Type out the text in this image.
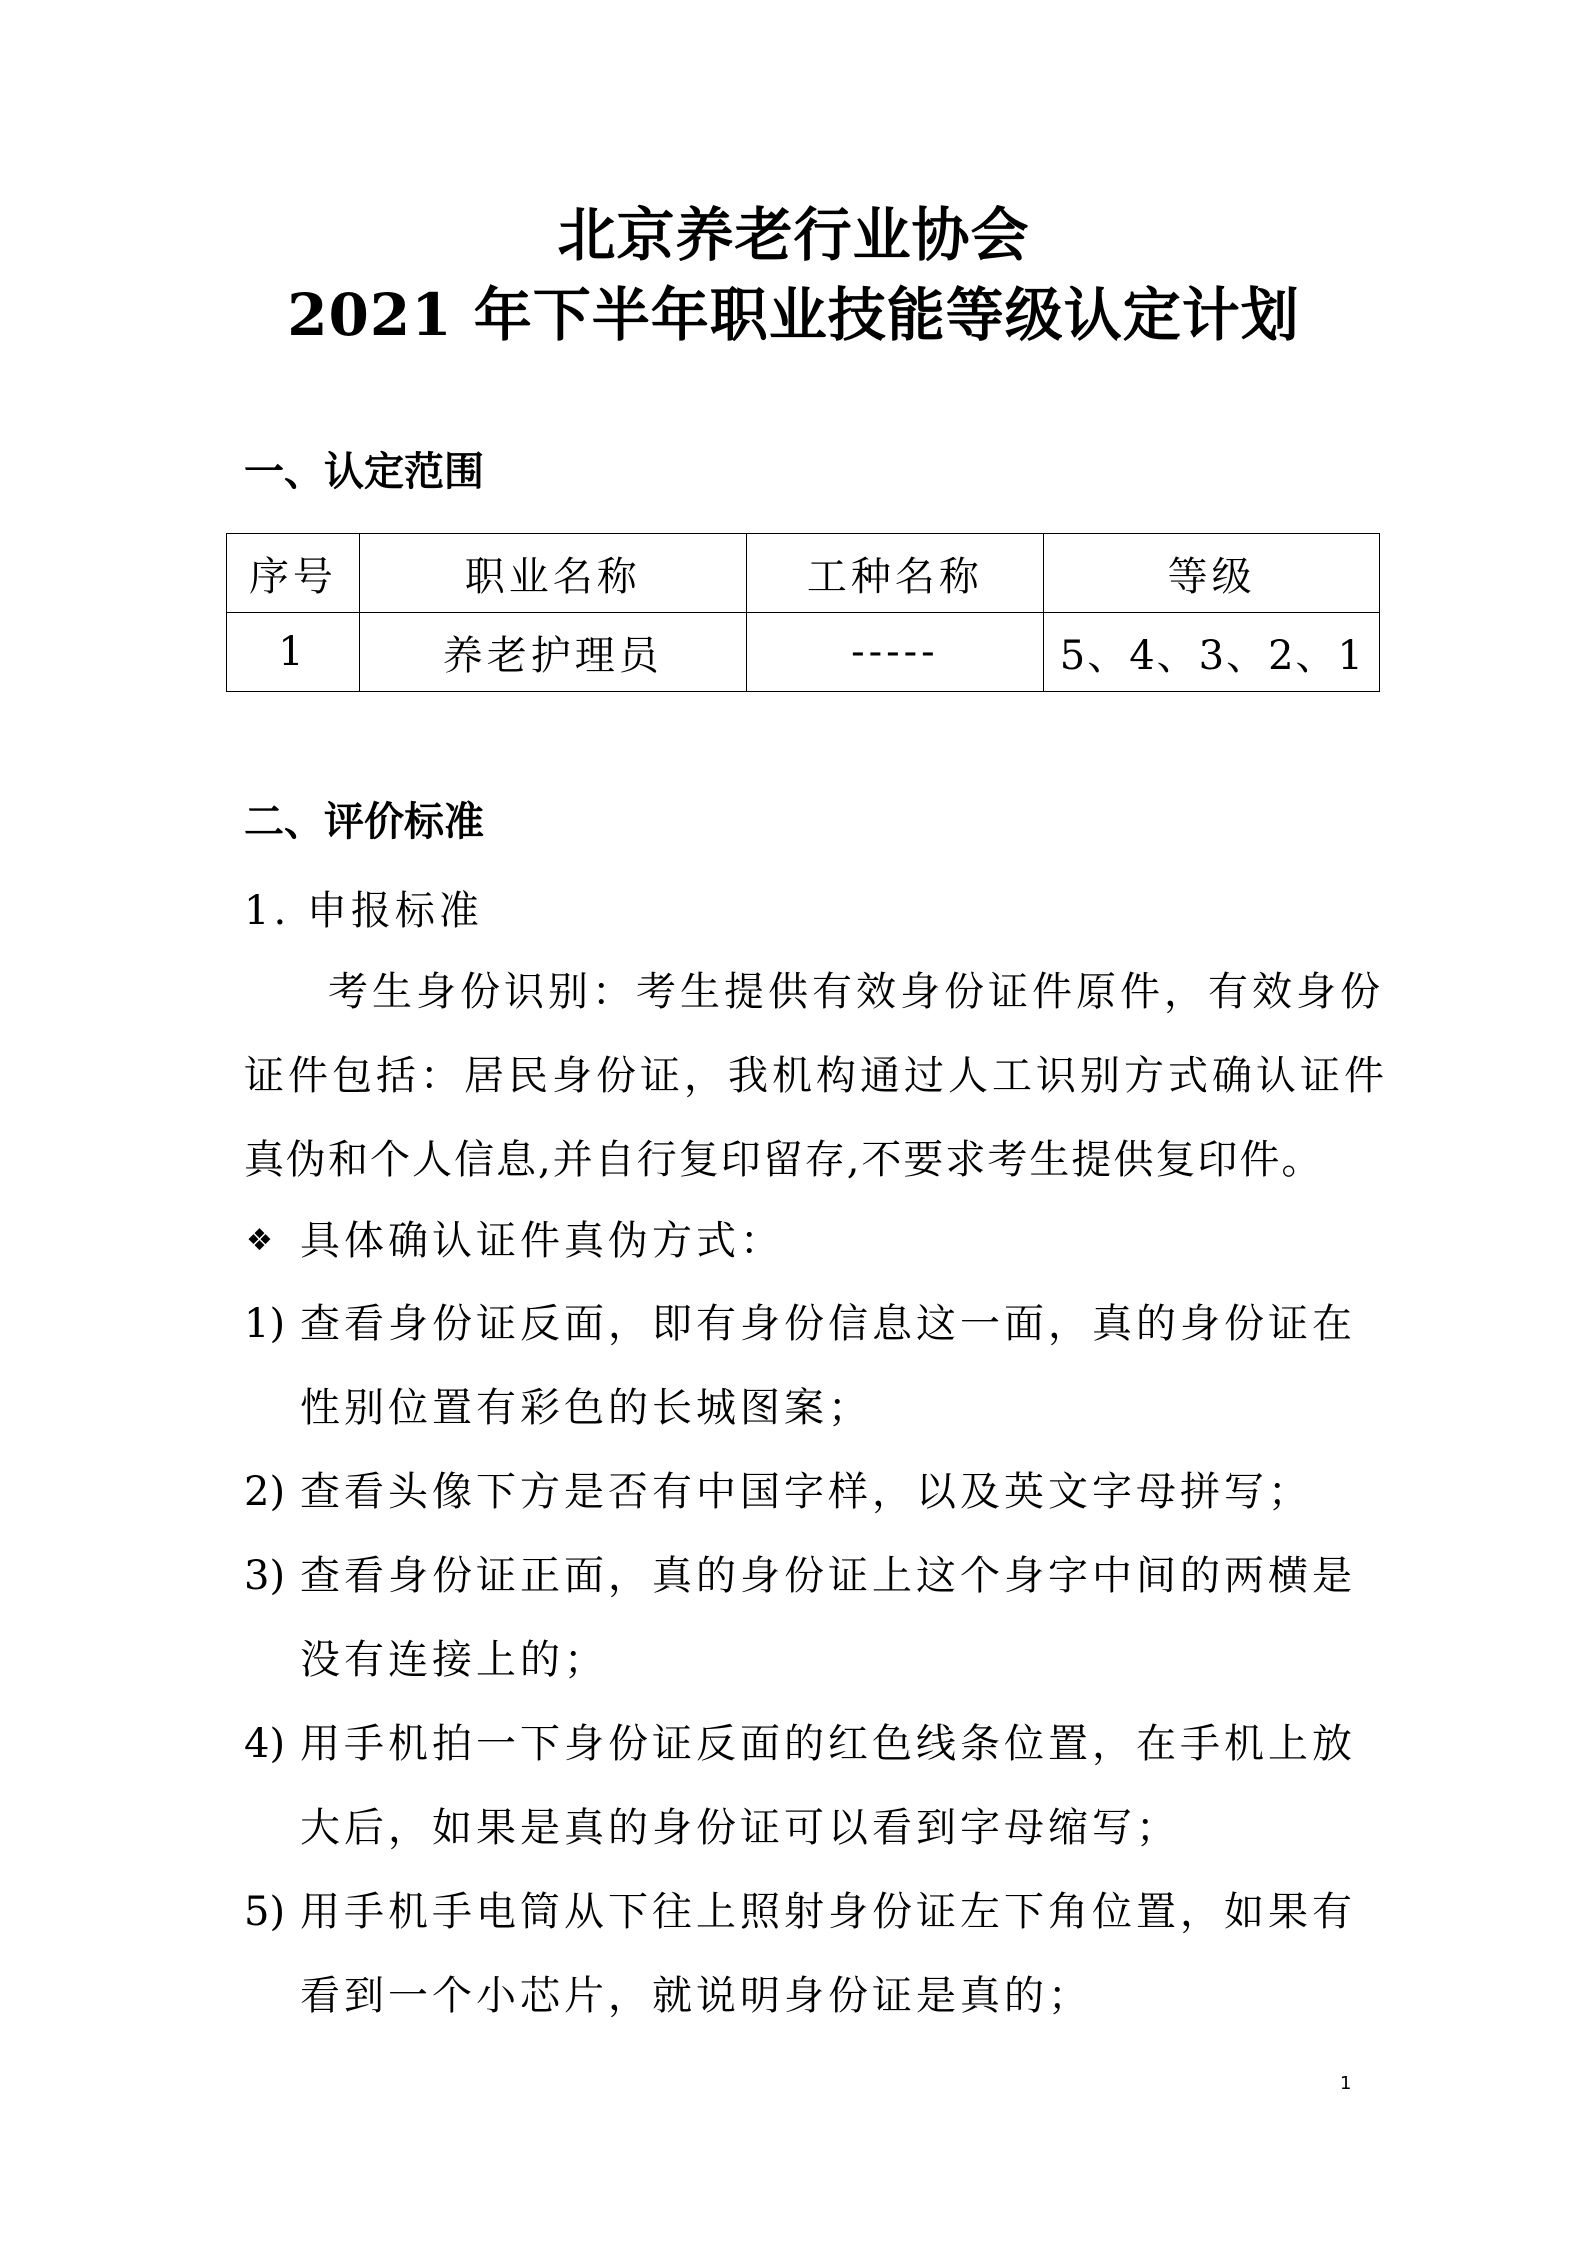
北京养老行业协会
2021 年下半年职业技能等级认定计划
一、认定范围
序号	职业名称	工种名称	等级
1	养老护理员	-----	5、4、3、2、1
二、评价标准
1. 申报标准
考生身份识别：考生提供有效身份证件原件，有效身份
证件包括：居民身份证，我机构通过人工识别方式确认证件
真伪和个人信息,并自行复印留存,不要求考生提供复印件。
❖ 具体确认证件真伪方式：
1) 查看身份证反面，即有身份信息这一面，真的身份证在
性别位置有彩色的长城图案；
2) 查看头像下方是否有中国字样，以及英文字母拼写；
3) 查看身份证正面，真的身份证上这个身字中间的两横是
没有连接上的；
4) 用手机拍一下身份证反面的红色线条位置，在手机上放
大后，如果是真的身份证可以看到字母缩写；
5) 用手机手电筒从下往上照射身份证左下角位置，如果有
看到一个小芯片，就说明身份证是真的；
1
